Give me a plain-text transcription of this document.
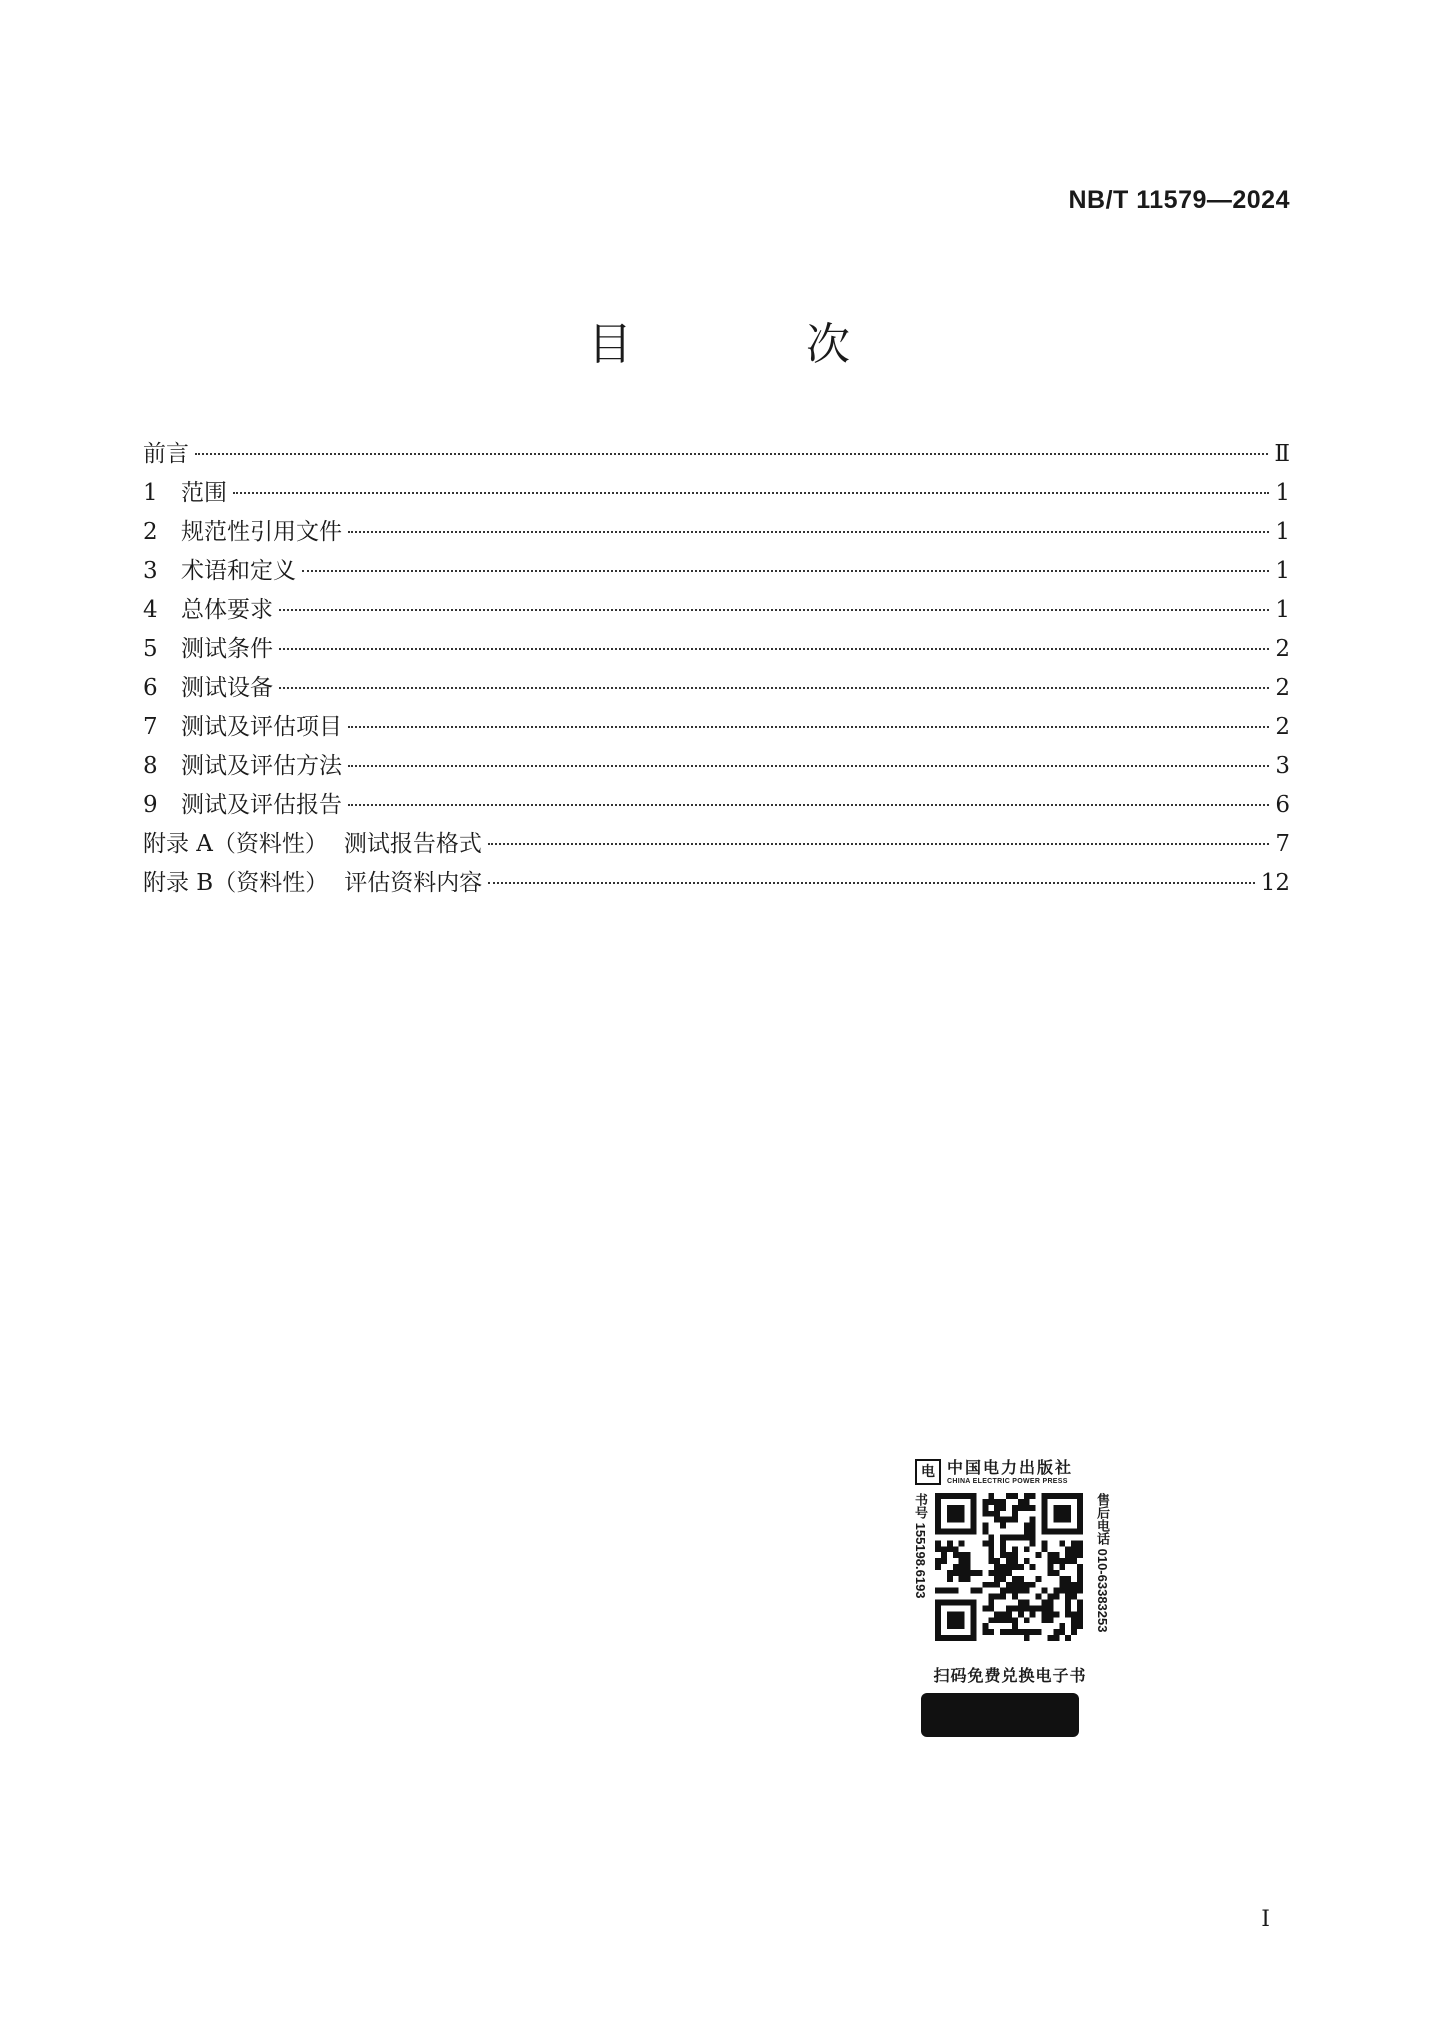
NB/T 11579—2024
目 次
前言	Ⅱ
1	范围	1
2	规范性引用文件	1
3	术语和定义	1
4	总体要求	1
5	测试条件	2
6	测试设备	2
7	测试及评估项目	2
8	测试及评估方法	3
9	测试及评估报告	6
附录 A（资料性） 测试报告格式	7
附录 B（资料性） 评估资料内容	12
电 中国电力出版社
CHINA ELECTRIC POWER PRESS
书号 155198.6193	售后电话 010-63383253
扫码免费兑换电子书
I
